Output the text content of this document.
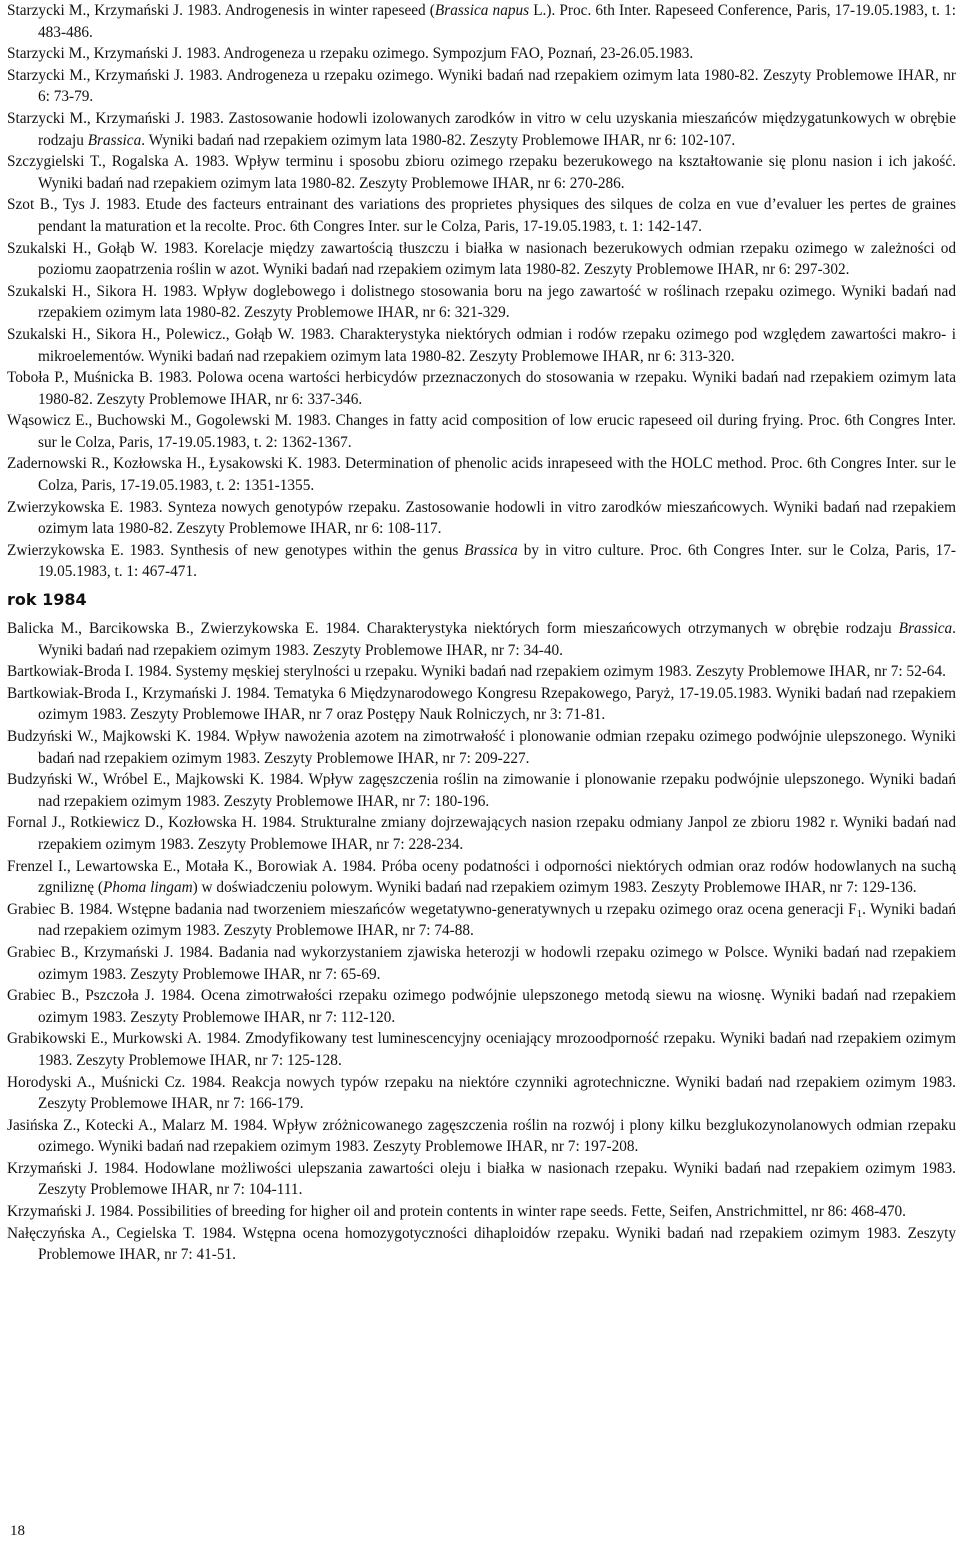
Starzycki M., Krzymański J. 1983. Androgenesis in winter rapeseed (Brassica napus L.). Proc. 6th Inter. Rapeseed Conference, Paris, 17-19.05.1983, t. 1: 483-486.
Starzycki M., Krzymański J. 1983. Androgeneza u rzepaku ozimego. Sympozjum FAO, Poznań, 23-26.05.1983.
Starzycki M., Krzymański J. 1983. Androgeneza u rzepaku ozimego. Wyniki badań nad rzepakiem ozimym lata 1980-82. Zeszyty Problemowe IHAR, nr 6: 73-79.
Starzycki M., Krzymański J. 1983. Zastosowanie hodowli izolowanych zarodków in vitro w celu uzyskania mieszańców międzygatunkowych w obrębie rodzaju Brassica. Wyniki badań nad rzepakiem ozimym lata 1980-82. Zeszyty Problemowe IHAR, nr 6: 102-107.
Szczygielski T., Rogalska A. 1983. Wpływ terminu i sposobu zbioru ozimego rzepaku bezerukowego na kształtowanie się plonu nasion i ich jakość. Wyniki badań nad rzepakiem ozimym lata 1980-82. Zeszyty Problemowe IHAR, nr 6: 270-286.
Szot B., Tys J. 1983. Etude des facteurs entrainant des variations des proprietes physiques des silques de colza en vue d’evaluer les pertes de graines pendant la maturation et la recolte. Proc. 6th Congres Inter. sur le Colza, Paris, 17-19.05.1983, t. 1: 142-147.
Szukalski H., Gołąb W. 1983. Korelacje między zawartością tłuszczu i białka w nasionach bezerukowych odmian rzepaku ozimego w zależności od poziomu zaopatrzenia roślin w azot. Wyniki badań nad rzepakiem ozimym lata 1980-82. Zeszyty Problemowe IHAR, nr 6: 297-302.
Szukalski H., Sikora H. 1983. Wpływ doglebowego i dolistnego stosowania boru na jego zawartość w roślinach rzepaku ozimego. Wyniki badań nad rzepakiem ozimym lata 1980-82. Zeszyty Problemowe IHAR, nr 6: 321-329.
Szukalski H., Sikora H., Polewicz., Gołąb W. 1983. Charakterystyka niektórych odmian i rodów rzepaku ozimego pod względem zawartości makro- i mikroelementów. Wyniki badań nad rzepakiem ozimym lata 1980-82. Zeszyty Problemowe IHAR, nr 6: 313-320.
Toboła P., Muśnicka B. 1983. Polowa ocena wartości herbicydów przeznaczonych do stosowania w rzepaku. Wyniki badań nad rzepakiem ozimym lata 1980-82. Zeszyty Problemowe IHAR, nr 6: 337-346.
Wąsowicz E., Buchowski M., Gogolewski M. 1983. Changes in fatty acid composition of low erucic rapeseed oil during frying. Proc. 6th Congres Inter. sur le Colza, Paris, 17-19.05.1983, t. 2: 1362-1367.
Zadernowski R., Kozłowska H., Łysakowski K. 1983. Determination of phenolic acids inrapeseed with the HOLC method. Proc. 6th Congres Inter. sur le Colza, Paris, 17-19.05.1983, t. 2: 1351-1355.
Zwierzykowska E. 1983. Synteza nowych genotypów rzepaku. Zastosowanie hodowli in vitro zarodków mieszańcowych. Wyniki badań nad rzepakiem ozimym lata 1980-82. Zeszyty Problemowe IHAR, nr 6: 108-117.
Zwierzykowska E. 1983. Synthesis of new genotypes within the genus Brassica by in vitro culture. Proc. 6th Congres Inter. sur le Colza, Paris, 17-19.05.1983, t. 1: 467-471.
rok 1984
Balicka M., Barcikowska B., Zwierzykowska E. 1984. Charakterystyka niektórych form mieszańcowych otrzymanych w obrębie rodzaju Brassica. Wyniki badań nad rzepakiem ozimym 1983. Zeszyty Problemowe IHAR, nr 7: 34-40.
Bartkowiak-Broda I. 1984. Systemy męskiej sterylności u rzepaku. Wyniki badań nad rzepakiem ozimym 1983. Zeszyty Problemowe IHAR, nr 7: 52-64.
Bartkowiak-Broda I., Krzymański J. 1984. Tematyka 6 Międzynarodowego Kongresu Rzepakowego, Paryż, 17-19.05.1983. Wyniki badań nad rzepakiem ozimym 1983. Zeszyty Problemowe IHAR, nr 7 oraz Postępy Nauk Rolniczych, nr 3: 71-81.
Budzyński W., Majkowski K. 1984. Wpływ nawożenia azotem na zimotrwałość i plonowanie odmian rzepaku ozimego podwójnie ulepszonego. Wyniki badań nad rzepakiem ozimym 1983. Zeszyty Problemowe IHAR, nr 7: 209-227.
Budzyński W., Wróbel E., Majkowski K. 1984. Wpływ zagęszczenia roślin na zimowanie i plonowanie rzepaku podwójnie ulepszonego. Wyniki badań nad rzepakiem ozimym 1983. Zeszyty Problemowe IHAR, nr 7: 180-196.
Fornal J., Rotkiewicz D., Kozłowska H. 1984. Strukturalne zmiany dojrzewających nasion rzepaku odmiany Janpol ze zbioru 1982 r. Wyniki badań nad rzepakiem ozimym 1983. Zeszyty Problemowe IHAR, nr 7: 228-234.
Frenzel I., Lewartowska E., Motała K., Borowiak A. 1984. Próba oceny podatności i odporności niektórych odmian oraz rodów hodowlanych na suchą zgniliznę (Phoma lingam) w doświadczeniu polowym. Wyniki badań nad rzepakiem ozimym 1983. Zeszyty Problemowe IHAR, nr 7: 129-136.
Grabiec B. 1984. Wstępne badania nad tworzeniem mieszańców wegetatywno-generatywnych u rzepaku ozimego oraz ocena generacji $F_1$. Wyniki badań nad rzepakiem ozimym 1983. Zeszyty Problemowe IHAR, nr 7: 74-88.
Grabiec B., Krzymański J. 1984. Badania nad wykorzystaniem zjawiska heterozji w hodowli rzepaku ozimego w Polsce. Wyniki badań nad rzepakiem ozimym 1983. Zeszyty Problemowe IHAR, nr 7: 65-69.
Grabiec B., Pszczoła J. 1984. Ocena zimotrwałości rzepaku ozimego podwójnie ulepszonego metodą siewu na wiosnę. Wyniki badań nad rzepakiem ozimym 1983. Zeszyty Problemowe IHAR, nr 7: 112-120.
Grabikowski E., Murkowski A. 1984. Zmodyfikowany test luminescencyjny oceniający mrozoodporność rzepaku. Wyniki badań nad rzepakiem ozimym 1983. Zeszyty Problemowe IHAR, nr 7: 125-128.
Horodyski A., Muśnicki Cz. 1984. Reakcja nowych typów rzepaku na niektóre czynniki agrotechniczne. Wyniki badań nad rzepakiem ozimym 1983. Zeszyty Problemowe IHAR, nr 7: 166-179.
Jasińska Z., Kotecki A., Malarz M. 1984. Wpływ zróżnicowanego zagęszczenia roślin na rozwój i plony kilku bezglukozynolanowych odmian rzepaku ozimego. Wyniki badań nad rzepakiem ozimym 1983. Zeszyty Problemowe IHAR, nr 7: 197-208.
Krzymański J. 1984. Hodowlane możliwości ulepszania zawartości oleju i białka w nasionach rzepaku. Wyniki badań nad rzepakiem ozimym 1983. Zeszyty Problemowe IHAR, nr 7: 104-111.
Krzymański J. 1984. Possibilities of breeding for higher oil and protein contents in winter rape seeds. Fette, Seifen, Anstrichmittel, nr 86: 468-470.
Nałęczyńska A., Cegielska T. 1984. Wstępna ocena homozygotyczności dihaploidów rzepaku. Wyniki badań nad rzepakiem ozimym 1983. Zeszyty Problemowe IHAR, nr 7: 41-51.
18
